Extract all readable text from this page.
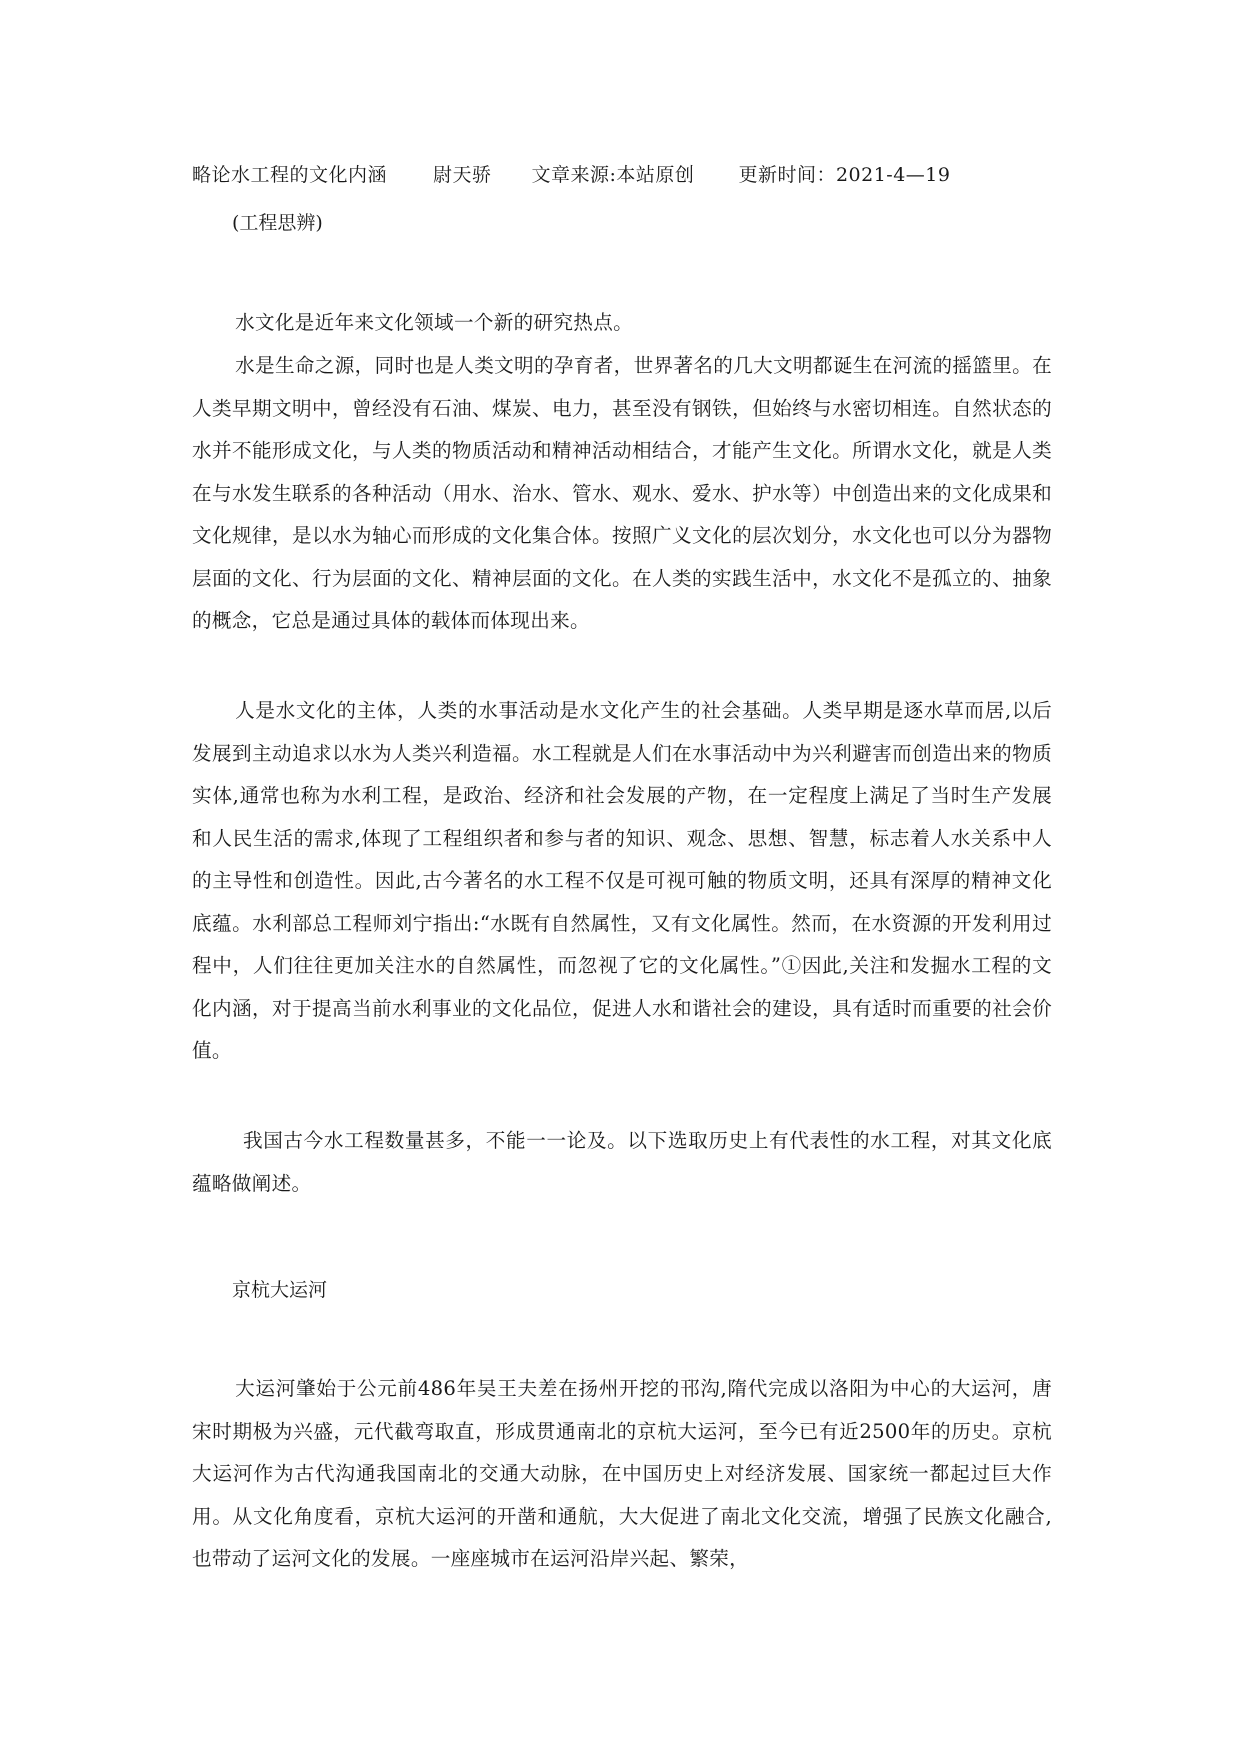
略论水工程的文化内涵 尉天骄 文章来源:本站原创 更新时间：2021-4—19
(工程思辨)

水文化是近年来文化领域一个新的研究热点。

水是生命之源，同时也是人类文明的孕育者，世界著名的几大文明都诞生在河流的摇篮里。在人类早期文明中，曾经没有石油、煤炭、电力，甚至没有钢铁，但始终与水密切相连。自然状态的水并不能形成文化，与人类的物质活动和精神活动相结合，才能产生文化。所谓水文化，就是人类在与水发生联系的各种活动（用水、治水、管水、观水、爱水、护水等）中创造出来的文化成果和文化规律，是以水为轴心而形成的文化集合体。按照广义文化的层次划分，水文化也可以分为器物层面的文化、行为层面的文化、精神层面的文化。在人类的实践生活中，水文化不是孤立的、抽象的概念，它总是通过具体的载体而体现出来。

人是水文化的主体，人类的水事活动是水文化产生的社会基础。人类早期是逐水草而居,以后发展到主动追求以水为人类兴利造福。水工程就是人们在水事活动中为兴利避害而创造出来的物质实体,通常也称为水利工程，是政治、经济和社会发展的产物，在一定程度上满足了当时生产发展和人民生活的需求,体现了工程组织者和参与者的知识、观念、思想、智慧，标志着人水关系中人的主导性和创造性。因此,古今著名的水工程不仅是可视可触的物质文明，还具有深厚的精神文化底蕴。水利部总工程师刘宁指出:“水既有自然属性，又有文化属性。然而，在水资源的开发利用过程中，人们往往更加关注水的自然属性，而忽视了它的文化属性。”①因此,关注和发掘水工程的文化内涵，对于提高当前水利事业的文化品位，促进人水和谐社会的建设，具有适时而重要的社会价值。

我国古今水工程数量甚多，不能一一论及。以下选取历史上有代表性的水工程，对其文化底蕴略做阐述。

京杭大运河

大运河肇始于公元前486年吴王夫差在扬州开挖的邗沟,隋代完成以洛阳为中心的大运河，唐宋时期极为兴盛，元代截弯取直，形成贯通南北的京杭大运河，至今已有近2500年的历史。京杭大运河作为古代沟通我国南北的交通大动脉，在中国历史上对经济发展、国家统一都起过巨大作用。从文化角度看，京杭大运河的开凿和通航，大大促进了南北文化交流，增强了民族文化融合,也带动了运河文化的发展。一座座城市在运河沿岸兴起、繁荣，
